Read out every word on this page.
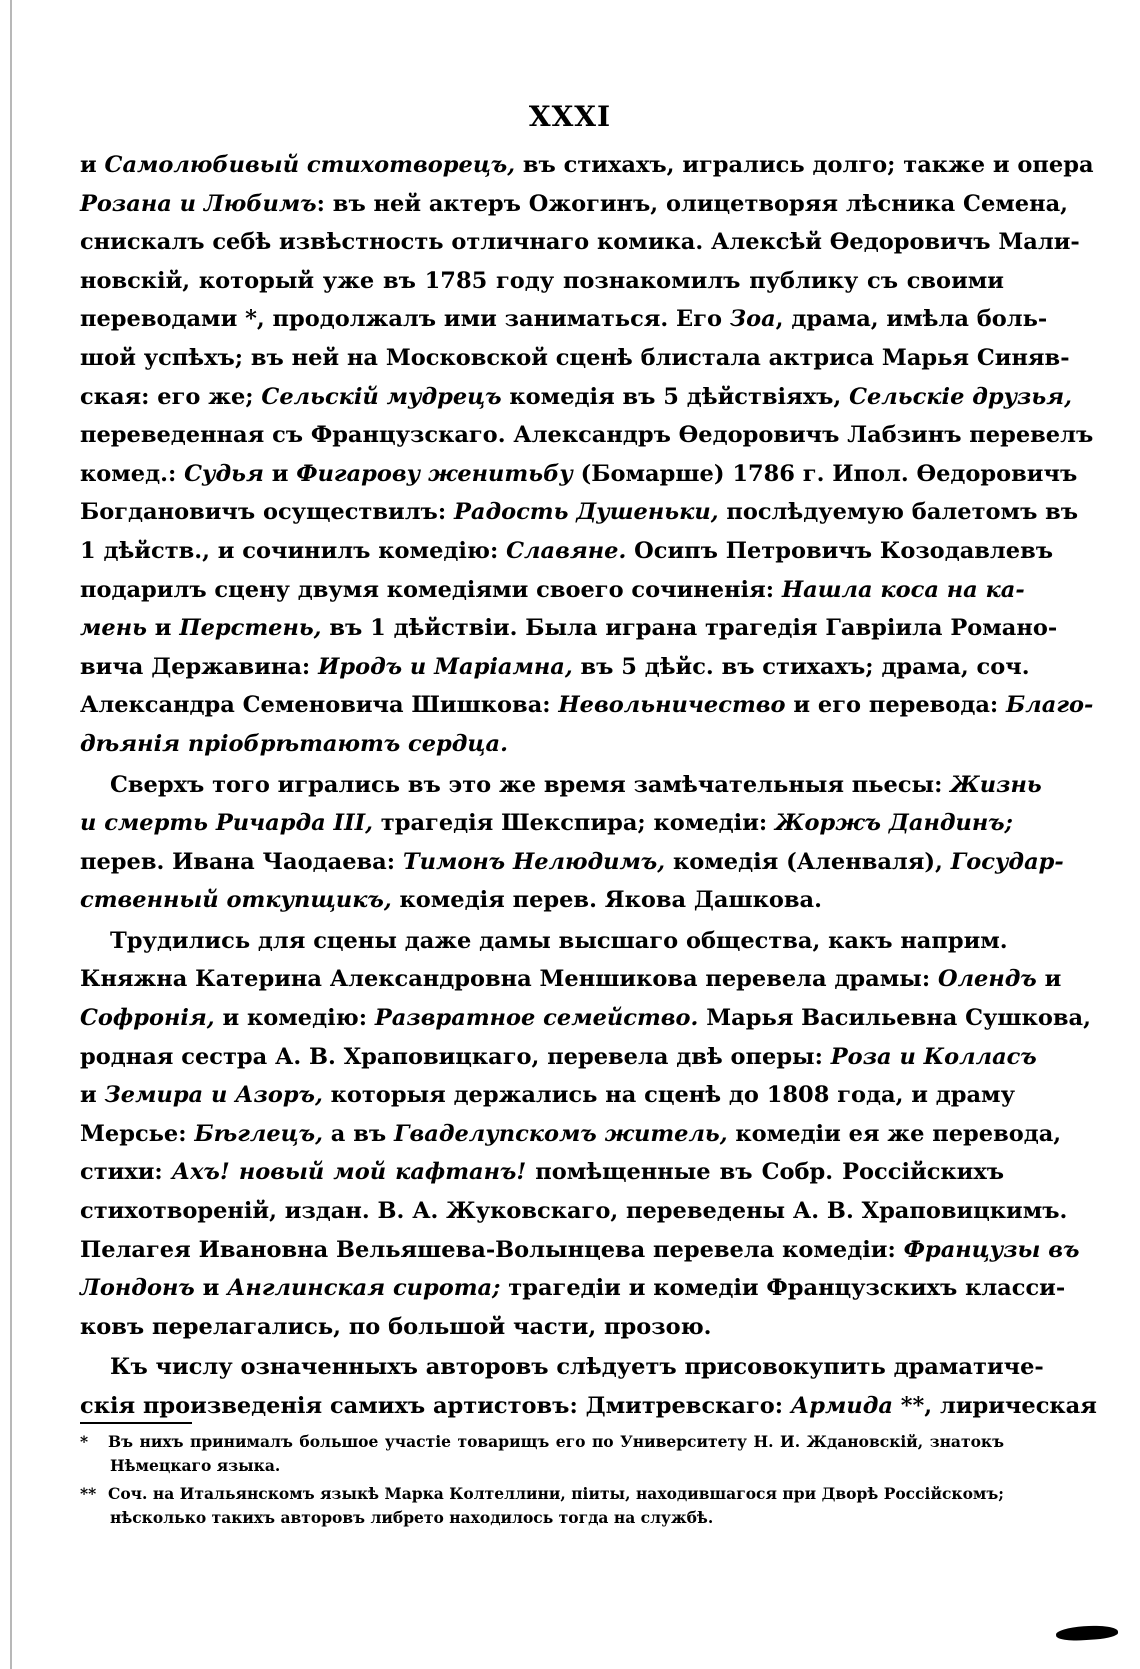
XXXI
и Самолюбивый стихотворецъ, въ стихахъ, игрались долго; также и опера
Розана и Любимъ: въ ней актеръ Ожогинъ, олицетворяя лѣсника Семена,
снискалъ себѣ извѣстность отличнаго комика. Алексѣй Ѳедоровичъ Мали-
новскій, который уже въ 1785 году познакомилъ публику съ своими
переводами *, продолжалъ ими заниматься. Его Зоа, драма, имѣла боль-
шой успѣхъ; въ ней на Московской сценѣ блистала актриса Марья Синяв-
ская: его же; Сельскій мудрецъ комедія въ 5 дѣйствіяхъ, Сельскіе друзья,
переведенная съ Французскаго. Александръ Ѳедоровичъ Лабзинъ перевелъ
комед.: Судья и Фигарову женитьбу (Бомарше) 1786 г. Ипол. Ѳедоровичъ
Богдановичъ осуществилъ: Радость Душеньки, послѣдуемую балетомъ въ
1 дѣйств., и сочинилъ комедію: Славяне. Осипъ Петровичъ Козодавлевъ
подарилъ сцену двумя комедіями своего сочиненія: Нашла коса на ка-
мень и Перстень, въ 1 дѣйствіи. Была играна трагедія Гавріила Романо-
вича Державина: Иродъ и Маріамна, въ 5 дѣйс. въ стихахъ; драма, соч.
Александра Семеновича Шишкова: Невольничество и его перевода: Благо-
дѣянія пріобрѣтаютъ сердца.
Сверхъ того игрались въ это же время замѣчательныя пьесы: Жизнь
и смерть Ричарда III, трагедія Шекспира; комедіи: Жоржъ Дандинъ;
перев. Ивана Чаодаева: Тимонъ Нелюдимъ, комедія (Аленваля), Государ-
ственный откупщикъ, комедія перев. Якова Дашкова.
Трудились для сцены даже дамы высшаго общества, какъ наприм.
Княжна Катерина Александровна Меншикова перевела драмы: Олендъ и
Софронія, и комедію: Развратное семейство. Марья Васильевна Сушкова,
родная сестра А. В. Храповицкаго, перевела двѣ оперы: Роза и Колласъ
и Земира и Азоръ, которыя держались на сценѣ до 1808 года, и драму
Мерсье: Бѣглецъ, а въ Гваделупскомъ житель, комедіи ея же перевода,
стихи: Ахъ! новый мой кафтанъ! помѣщенные въ Собр. Россійскихъ
стихотвореній, издан. В. А. Жуковскаго, переведены А. В. Храповицкимъ.
Пелагея Ивановна Вельяшева-Волынцева перевела комедіи: Французы въ
Лондонъ и Англинская сирота; трагедіи и комедіи Французскихъ класси-
ковъ перелагались, по большой части, прозою.
Къ числу означенныхъ авторовъ слѣдуетъ присовокупить драматиче-
скія произведенія самихъ артистовъ: Дмитревскаго: Армида **, лирическая
* Въ нихъ принималъ большое участіе товарищъ его по Университету Н. И. Ждановскій, знатокъ
Нѣмецкаго языка.
** Соч. на Итальянскомъ языкѣ Марка Колтеллини, піиты, находившагося при Дворѣ Россійскомъ;
нѣсколько такихъ авторовъ либрето находилось тогда на службѣ.
